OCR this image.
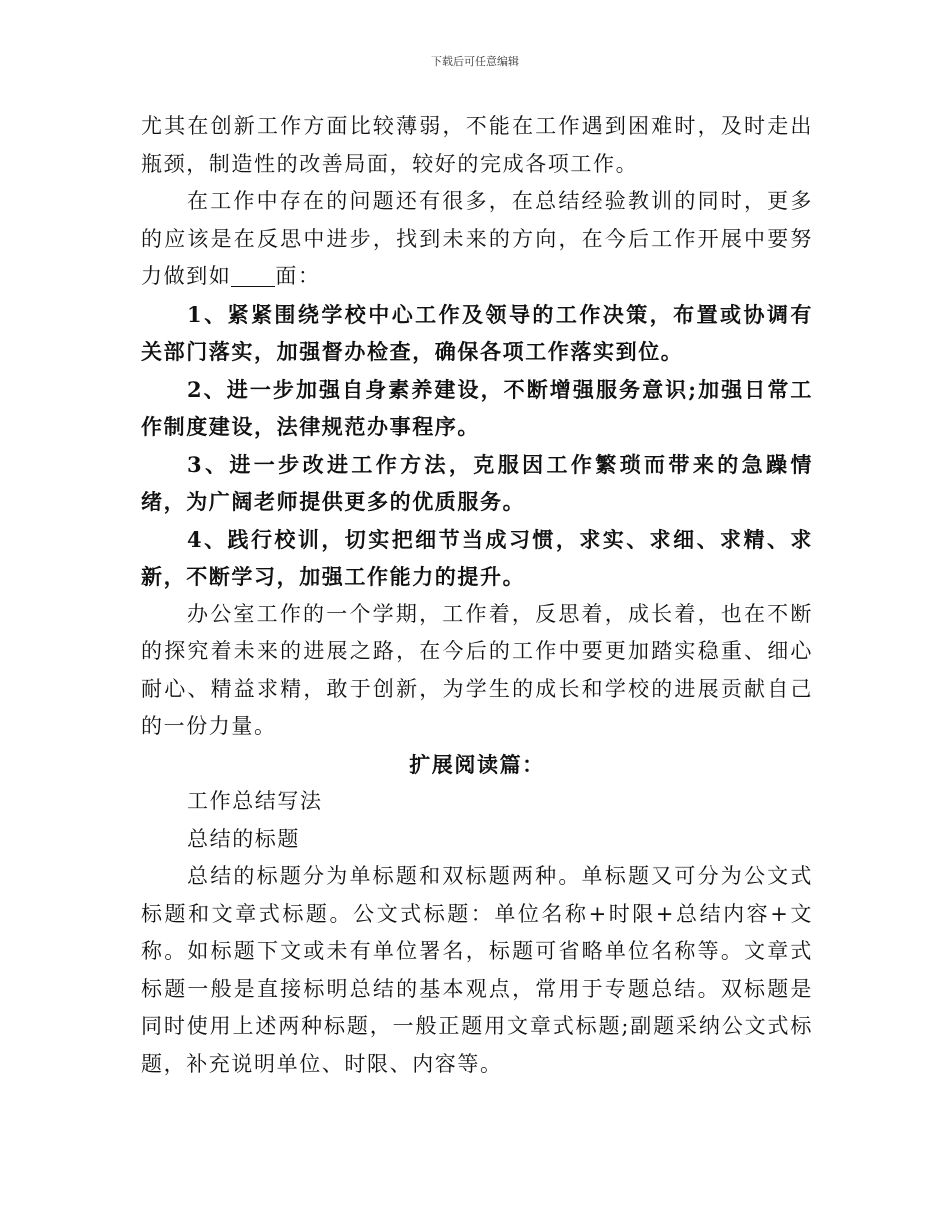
下载后可任意编辑

尤其在创新工作方面比较薄弱，不能在工作遇到困难时，及时走出瓶颈，制造性的改善局面，较好的完成各项工作。

在工作中存在的问题还有很多，在总结经验教训的同时，更多的应该是在反思中进步，找到未来的方向，在今后工作开展中要努力做到如 面：

1、紧紧围绕学校中心工作及领导的工作决策，布置或协调有关部门落实，加强督办检查，确保各项工作落实到位。

2、进一步加强自身素养建设，不断增强服务意识;加强日常工作制度建设，法律规范办事程序。

3、进一步改进工作方法，克服因工作繁琐而带来的急躁情绪，为广阔老师提供更多的优质服务。

4、践行校训，切实把细节当成习惯，求实、求细、求精、求新，不断学习，加强工作能力的提升。

办公室工作的一个学期，工作着，反思着，成长着，也在不断的探究着未来的进展之路，在今后的工作中要更加踏实稳重、细心耐心、精益求精，敢于创新，为学生的成长和学校的进展贡献自己的一份力量。

扩展阅读篇：

工作总结写法

总结的标题

总结的标题分为单标题和双标题两种。单标题又可分为公文式标题和文章式标题。公文式标题：单位名称+时限+总结内容+文称。如标题下文或未有单位署名，标题可省略单位名称等。文章式标题一般是直接标明总结的基本观点，常用于专题总结。双标题是同时使用上述两种标题，一般正题用文章式标题;副题采纳公文式标题，补充说明单位、时限、内容等。
